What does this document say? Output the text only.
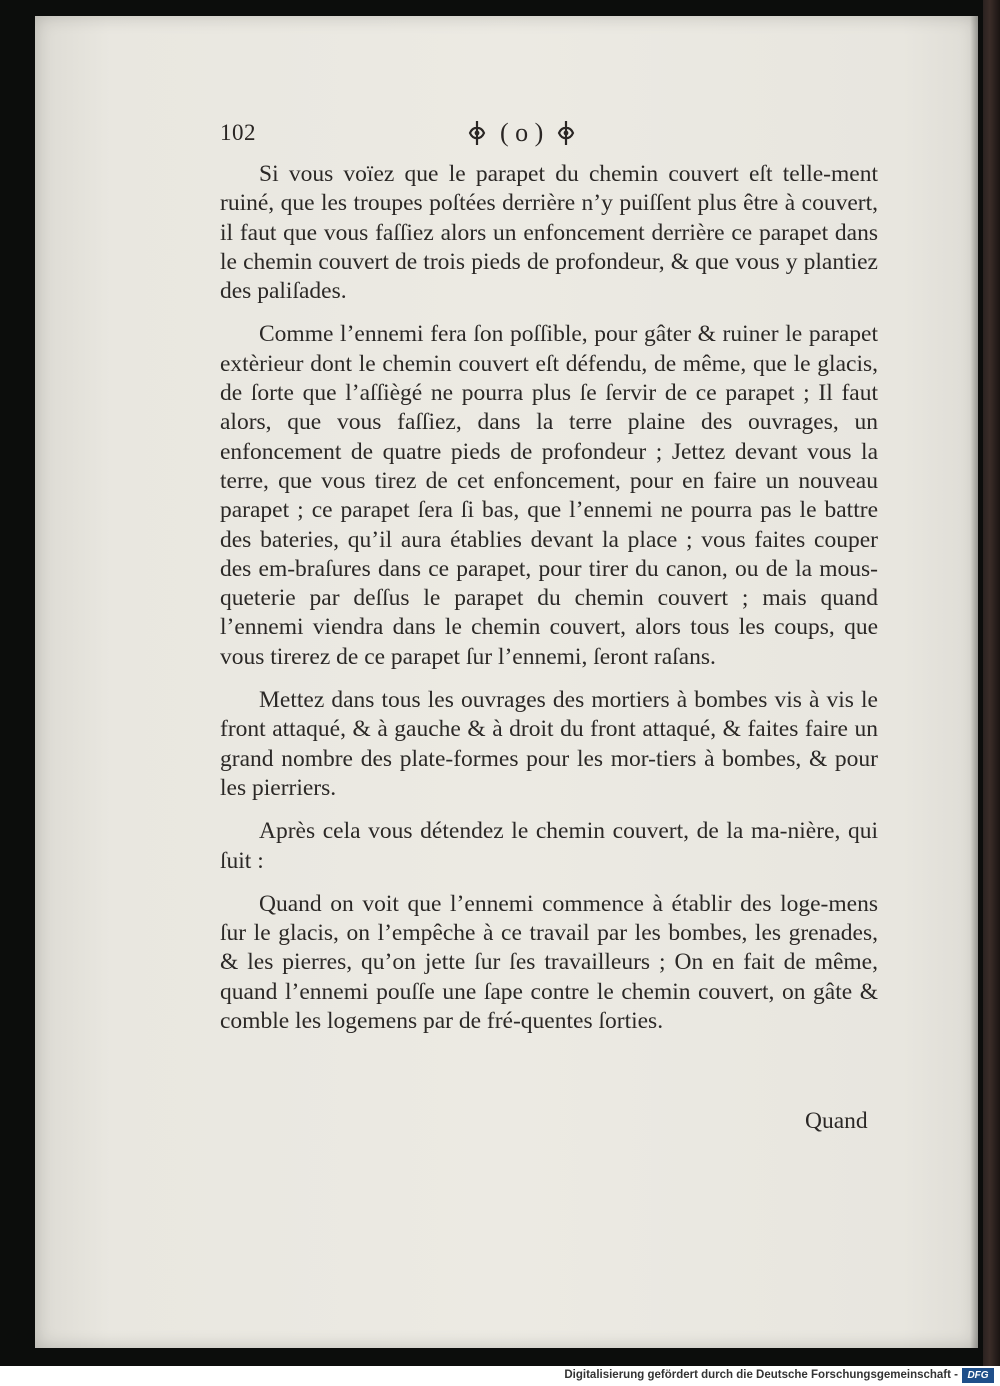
102	( o )

Si vous voïez que le parapet du chemin couvert eſt telle-ment ruiné, que les troupes poſtées derrière n’y puiſſent plus être à couvert, il faut que vous faſſiez alors un enfoncement derrière ce parapet dans le chemin couvert de trois pieds de profondeur, & que vous y plantiez des paliſades.

Comme l’ennemi fera ſon poſſible, pour gâter & ruiner le parapet extèrieur dont le chemin couvert eſt défendu, de même, que le glacis, de ſorte que l’aſſiègé ne pourra plus ſe ſervir de ce parapet ; Il faut alors, que vous faſſiez, dans la terre plaine des ouvrages, un enfoncement de quatre pieds de profondeur ; Jettez devant vous la terre, que vous tirez de cet enfoncement, pour en faire un nouveau parapet ; ce parapet ſera ſi bas, que l’ennemi ne pourra pas le battre des bateries, qu’il aura établies devant la place ; vous faites couper des em-braſures dans ce parapet, pour tirer du canon, ou de la mous-queterie par deſſus le parapet du chemin couvert ; mais quand l’ennemi viendra dans le chemin couvert, alors tous les coups, que vous tirerez de ce parapet ſur l’ennemi, ſeront raſans.

Mettez dans tous les ouvrages des mortiers à bombes vis à vis le front attaqué, & à gauche & à droit du front attaqué, & faites faire un grand nombre des plate-formes pour les mor-tiers à bombes, & pour les pierriers.

Après cela vous détendez le chemin couvert, de la ma-nière, qui ſuit :

Quand on voit que l’ennemi commence à établir des loge-mens ſur le glacis, on l’empêche à ce travail par les bombes, les grenades, & les pierres, qu’on jette ſur ſes travailleurs ; On en fait de même, quand l’ennemi pouſſe une ſape contre le chemin couvert, on gâte & comble les logemens par de fré-quentes ſorties.

Quand
Digitalisierung gefördert durch die Deutsche Forschungsgemeinschaft - DFG
